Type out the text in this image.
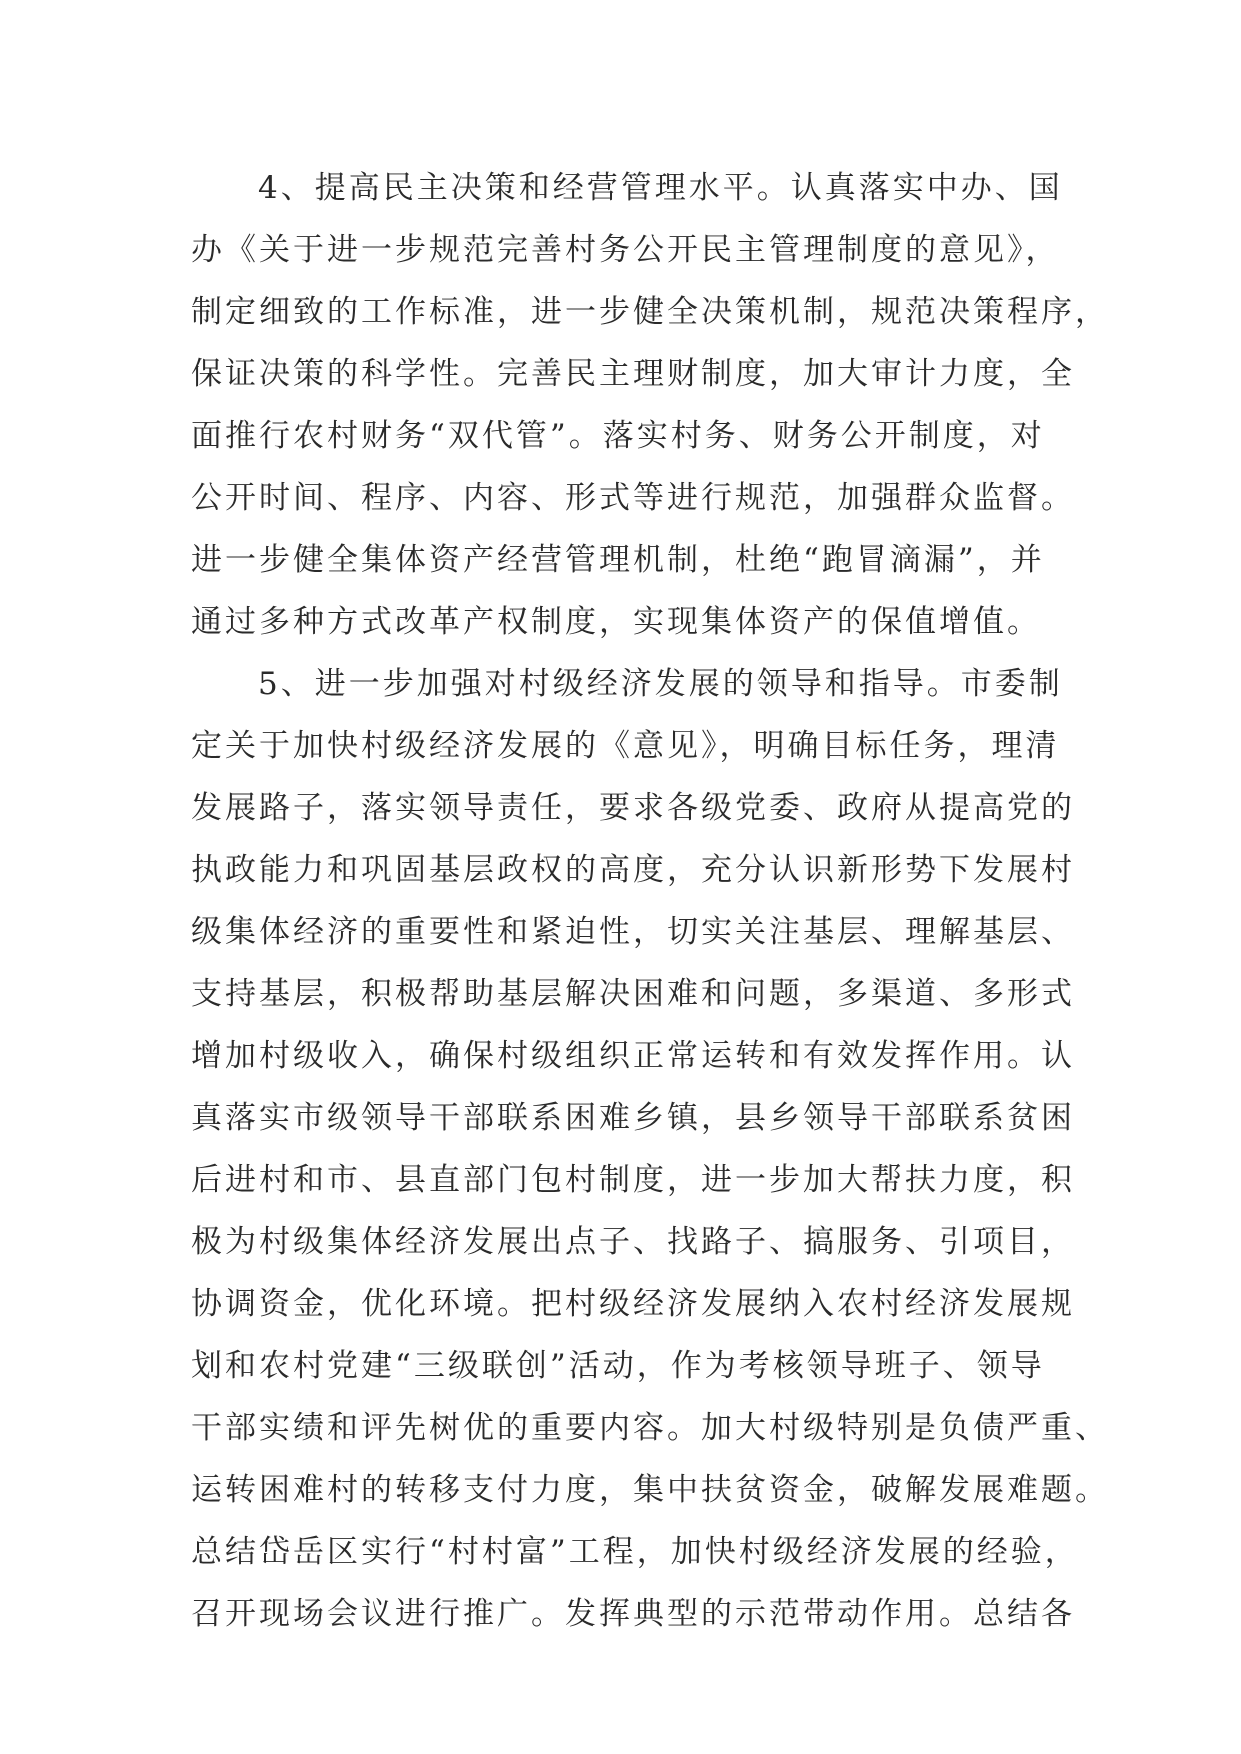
4、提高民主决策和经营管理水平。认真落实中办、国
办《关于进一步规范完善村务公开民主管理制度的意见》，
制定细致的工作标准，进一步健全决策机制，规范决策程序，
保证决策的科学性。完善民主理财制度，加大审计力度，全
面推行农村财务“双代管”。落实村务、财务公开制度，对
公开时间、程序、内容、形式等进行规范，加强群众监督。
进一步健全集体资产经营管理机制，杜绝“跑冒滴漏”，并
通过多种方式改革产权制度，实现集体资产的保值增值。
5、进一步加强对村级经济发展的领导和指导。市委制
定关于加快村级经济发展的《意见》，明确目标任务，理清
发展路子，落实领导责任，要求各级党委、政府从提高党的
执政能力和巩固基层政权的高度，充分认识新形势下发展村
级集体经济的重要性和紧迫性，切实关注基层、理解基层、
支持基层，积极帮助基层解决困难和问题，多渠道、多形式
增加村级收入，确保村级组织正常运转和有效发挥作用。认
真落实市级领导干部联系困难乡镇，县乡领导干部联系贫困
后进村和市、县直部门包村制度，进一步加大帮扶力度，积
极为村级集体经济发展出点子、找路子、搞服务、引项目，
协调资金，优化环境。把村级经济发展纳入农村经济发展规
划和农村党建“三级联创”活动，作为考核领导班子、领导
干部实绩和评先树优的重要内容。加大村级特别是负债严重、
运转困难村的转移支付力度，集中扶贫资金，破解发展难题。
总结岱岳区实行“村村富”工程，加快村级经济发展的经验，
召开现场会议进行推广。发挥典型的示范带动作用。总结各
